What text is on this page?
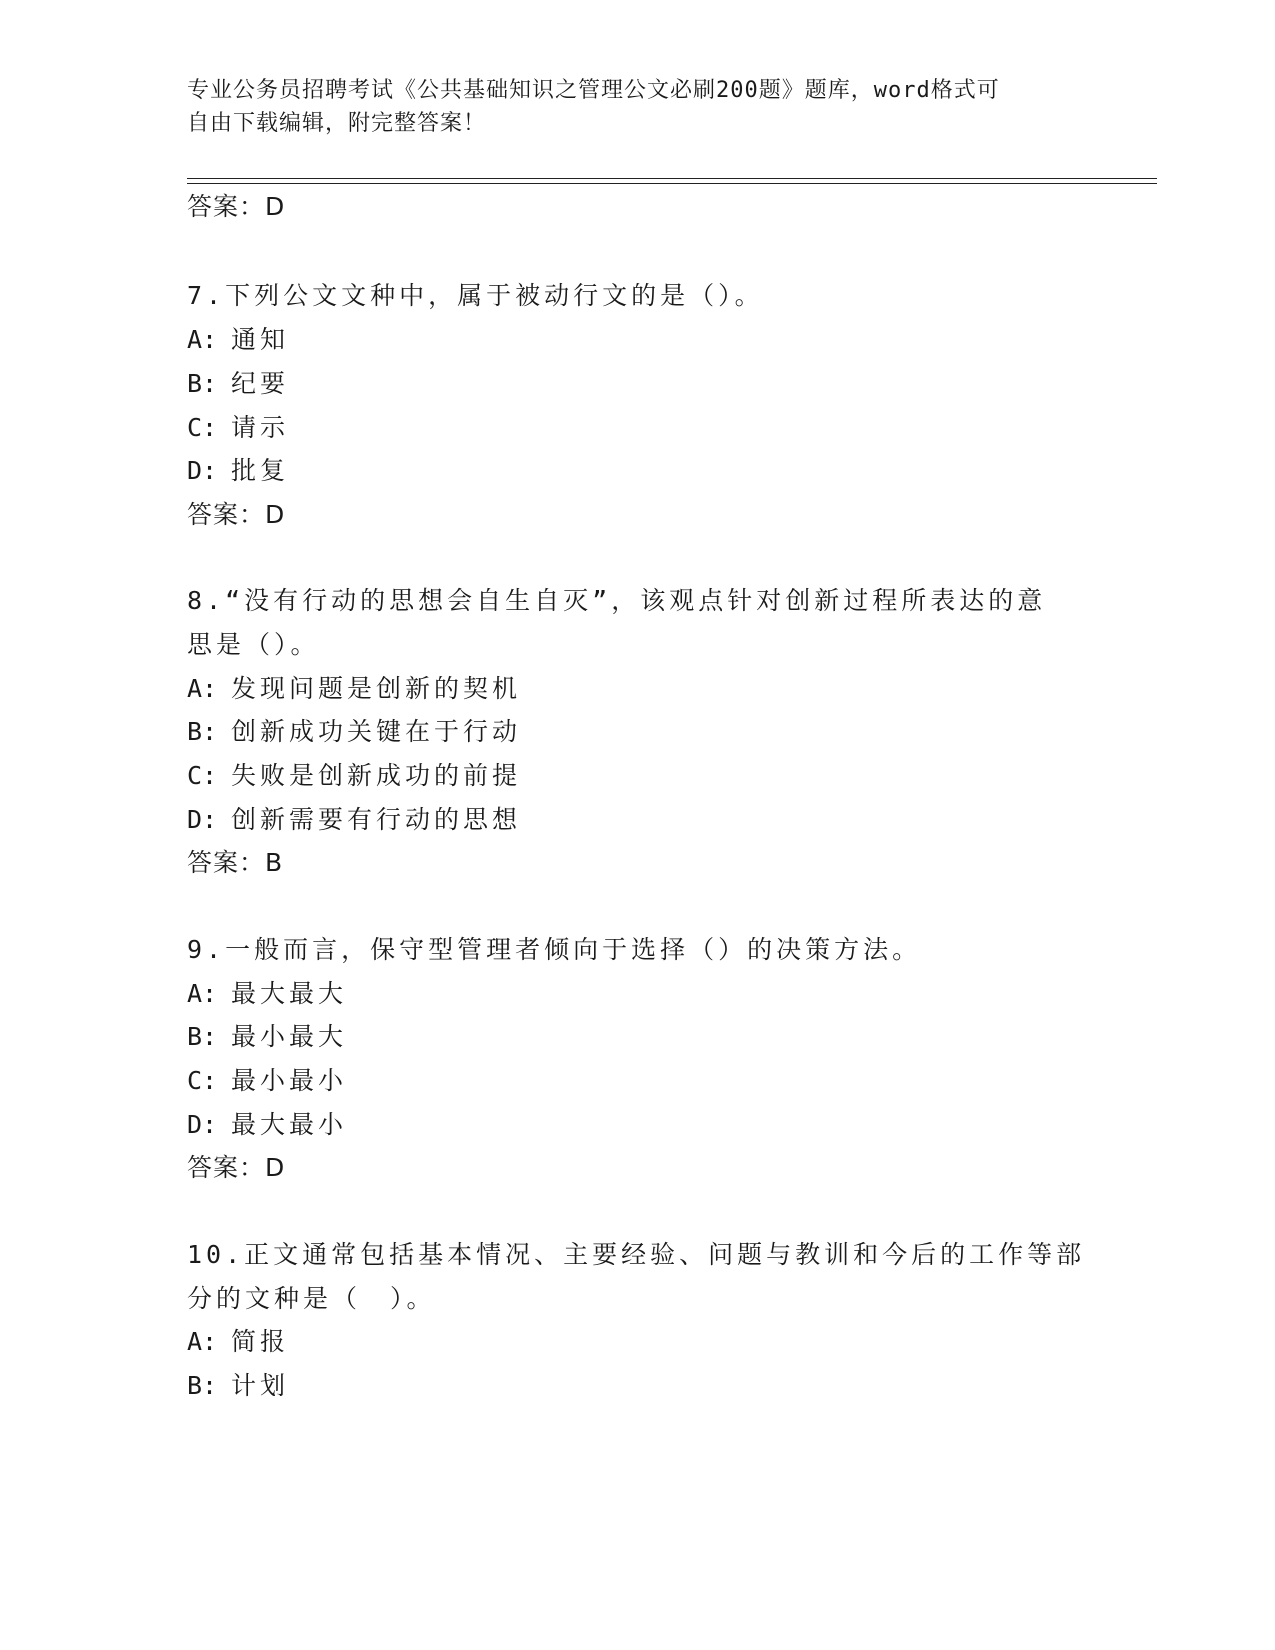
专业公务员招聘考试《公共基础知识之管理公文必刷200题》题库，word格式可
自由下载编辑，附完整答案！
答案：D
7.下列公文文种中，属于被动行文的是（）。
A: 通知
B: 纪要
C: 请示
D: 批复
答案：D
8.“没有行动的思想会自生自灭”，该观点针对创新过程所表达的意
思是（）。
A: 发现问题是创新的契机
B: 创新成功关键在于行动
C: 失败是创新成功的前提
D: 创新需要有行动的思想
答案：B
9.一般而言，保守型管理者倾向于选择（）的决策方法。
A: 最大最大
B: 最小最大
C: 最小最小
D: 最大最小
答案：D
10.正文通常包括基本情况、主要经验、问题与教训和今后的工作等部
分的文种是（　）。
A: 简报
B: 计划
